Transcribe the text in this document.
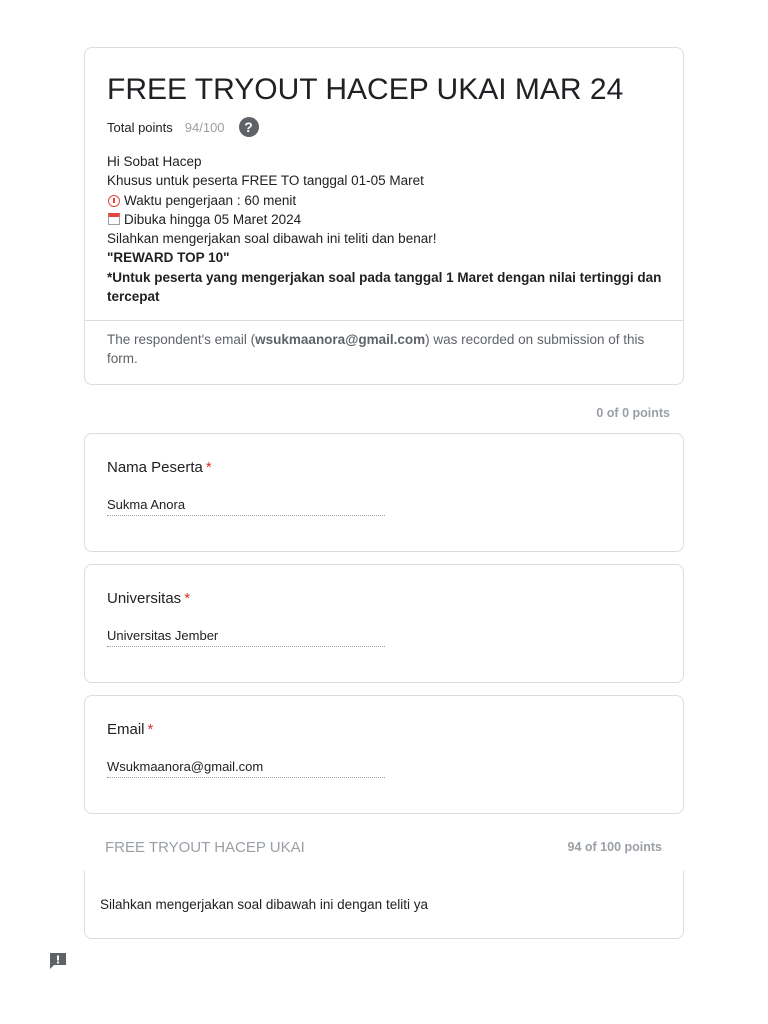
FREE TRYOUT HACEP UKAI MAR 24
Total points 94/100	?
Hi Sobat Hacep
Khusus untuk peserta FREE TO tanggal 01-05 Maret
Waktu pengerjaan : 60 menit
Dibuka hingga 05 Maret 2024
Silahkan mengerjakan soal dibawah ini teliti dan benar!
"REWARD TOP 10"
*Untuk peserta yang mengerjakan soal pada tanggal 1 Maret dengan nilai tertinggi dan tercepat
The respondent's email (wsukmaanora@gmail.com) was recorded on submission of this form.
0 of 0 points
Nama Peserta *
Sukma Anora
Universitas *
Universitas Jember
Email *
Wsukmaanora@gmail.com
FREE TRYOUT HACEP UKAI	94 of 100 points
Silahkan mengerjakan soal dibawah ini dengan teliti ya
